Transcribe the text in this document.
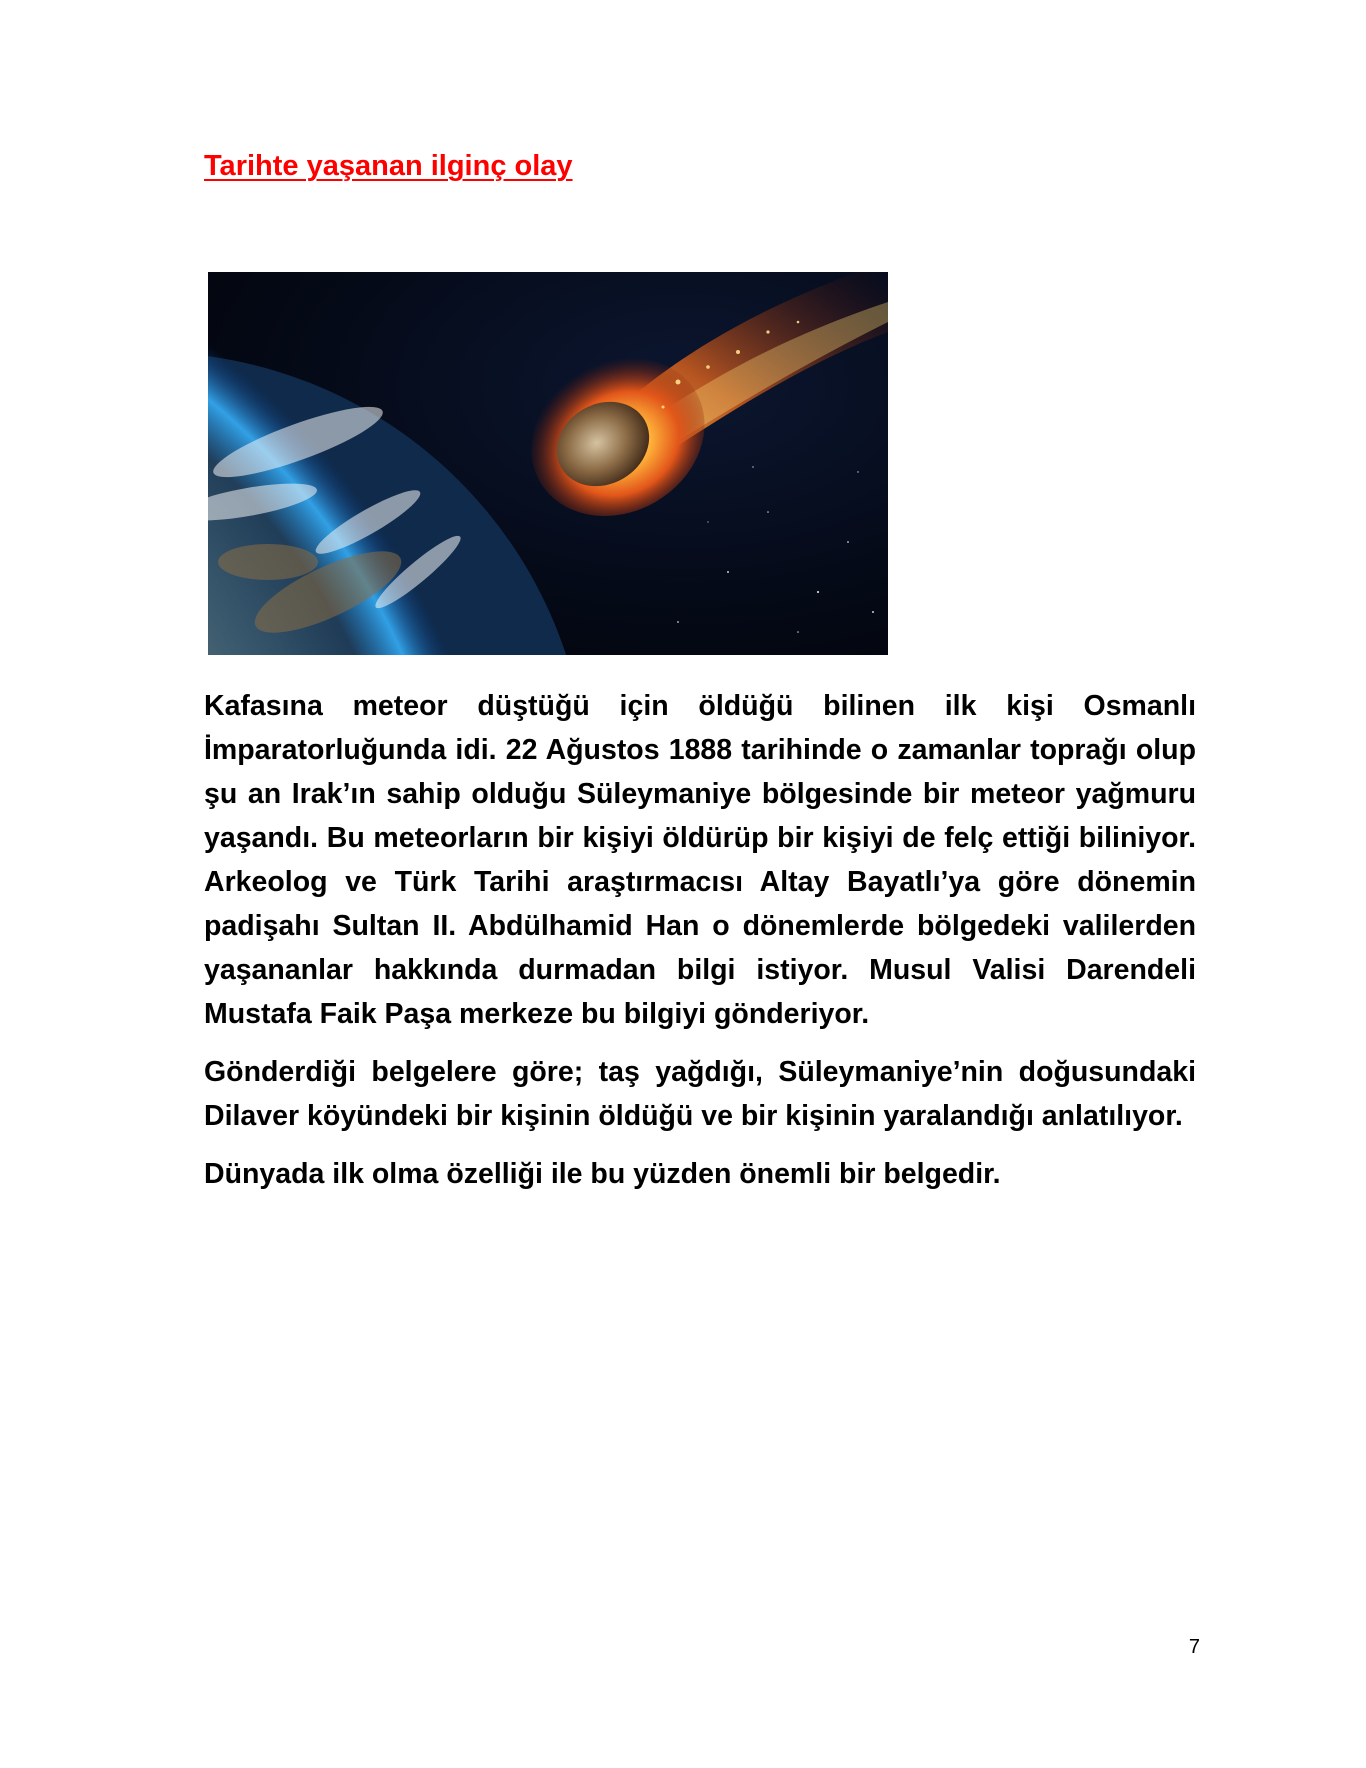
Tarihte yaşanan ilginç olay

Kafasına meteor düştüğü için öldüğü bilinen ilk kişi Osmanlı İmparatorluğunda idi. 22 Ağustos 1888 tarihinde o zamanlar toprağı olup şu an Irak’ın sahip olduğu Süleymaniye bölgesinde bir meteor yağmuru yaşandı. Bu meteorların bir kişiyi öldürüp bir kişiyi de felç ettiği biliniyor. Arkeolog ve Türk Tarihi araştırmacısı Altay Bayatlı’ya göre dönemin padişahı Sultan II. Abdülhamid Han o dönemlerde bölgedeki valilerden yaşananlar hakkında durmadan bilgi istiyor. Musul Valisi Darendeli Mustafa Faik Paşa merkeze bu bilgiyi gönderiyor.

Gönderdiği belgelere göre; taş yağdığı, Süleymaniye’nin doğusundaki Dilaver köyündeki bir kişinin öldüğü ve bir kişinin yaralandığı anlatılıyor.

Dünyada ilk olma özelliği ile bu yüzden önemli bir belgedir.

7
